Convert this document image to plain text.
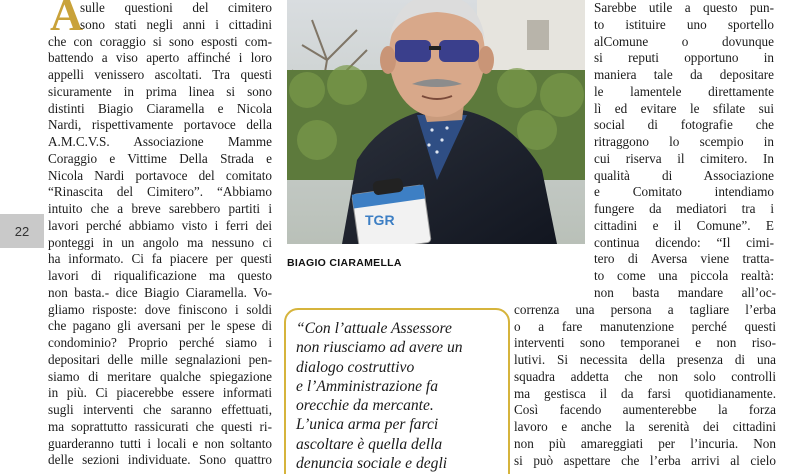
22
A
sulle questioni del cimitero
sono stati negli anni i cittadini
che con coraggio si sono esposti com-
battendo a viso aperto affinché i loro
appelli venissero ascoltati. Tra questi
sicuramente in prima linea si sono
distinti Biagio Ciaramella e Nicola
Nardi, rispettivamente portavoce della
A.M.C.V.S. Associazione Mamme
Coraggio e Vittime Della Strada e
Nicola Nardi portavoce del comitato
“Rinascita del Cimitero”. “Abbiamo
intuito che a breve sarebbero partiti i
lavori perché abbiamo visto i ferri dei
ponteggi in un angolo ma nessuno ci
ha informato. Ci fa piacere per questi
lavori di riqualificazione ma questo
non basta.- dice Biagio Ciaramella. Vo-
gliamo risposte: dove finiscono i soldi
che pagano gli aversani per le spese di
condominio? Proprio perché siamo i
depositari delle mille segnalazioni pen-
siamo di meritare qualche spiegazione
in più. Ci piacerebbe essere informati
sugli interventi che saranno effettuati,
ma soprattutto rassicurati che questi ri-
guarderanno tutti i locali e non soltanto
delle sezioni individuate. Sono quattro
TGR
BIAGIO CIARAMELLA
“Con l’attuale Assessore
non riusciamo ad avere un
dialogo costruttivo
e l’Amministrazione fa
orecchie da mercante.
L’unica arma per farci
ascoltare è quella della
denuncia sociale e degli
Sarebbe utile a questo pun-
to istituire uno sportello
alComune o dovunque
si reputi opportuno in
maniera tale da depositare
le lamentele direttamente
lì ed evitare le sfilate sui
social di fotografie che
ritraggono lo scempio in
cui riserva il cimitero. In
qualità di Associazione
e Comitato intendiamo
fungere da mediatori tra i
cittadini e il Comune”. E
continua dicendo: “Il cimi-
tero di Aversa viene tratta-
to come una piccola realtà:
non basta mandare all’oc-
correnza una persona a tagliare l’erba
o a fare manutenzione perché questi
interventi sono temporanei e non riso-
lutivi. Si necessita della presenza di una
squadra addetta che non solo controlli
ma gestisca il da farsi quotidianamente.
Così facendo aumenterebbe la forza
lavoro e anche la serenità dei cittadini
non più amareggiati per l’incuria. Non
si può aspettare che l’erba arrivi al cielo
